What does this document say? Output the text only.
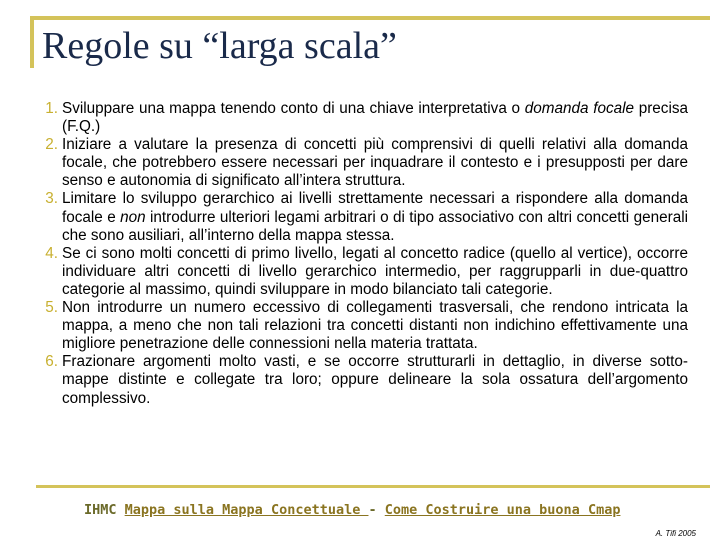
Regole su “larga scala”
1. Sviluppare una mappa tenendo conto di una chiave interpretativa o domanda focale precisa (F.Q.)
2. Iniziare a valutare la presenza di concetti più comprensivi di quelli relativi alla domanda focale, che potrebbero essere necessari per inquadrare il contesto e i presupposti per dare senso e autonomia di significato all’intera struttura.
3. Limitare lo sviluppo gerarchico ai livelli strettamente necessari a rispondere alla domanda focale e non introdurre ulteriori legami arbitrari o di tipo associativo con altri concetti generali che sono ausiliari, all’interno della mappa stessa.
4. Se ci sono molti concetti di primo livello, legati al concetto radice (quello al vertice), occorre individuare altri concetti di livello gerarchico intermedio, per raggrupparli in due-quattro categorie al massimo, quindi sviluppare in modo bilanciato tali categorie.
5. Non introdurre un numero eccessivo di collegamenti trasversali, che rendono intricata la mappa, a meno che non tali relazioni tra concetti distanti non indichino effettivamente una migliore penetrazione delle connessioni nella materia trattata.
6. Frazionare argomenti molto vasti, e se occorre strutturarli in dettaglio, in diverse sotto-mappe distinte e collegate tra loro; oppure delineare la sola ossatura dell’argomento complessivo.
IHMC Mappa sulla Mappa Concettuale - Come Costruire una buona Cmap
A. Tifi 2005
